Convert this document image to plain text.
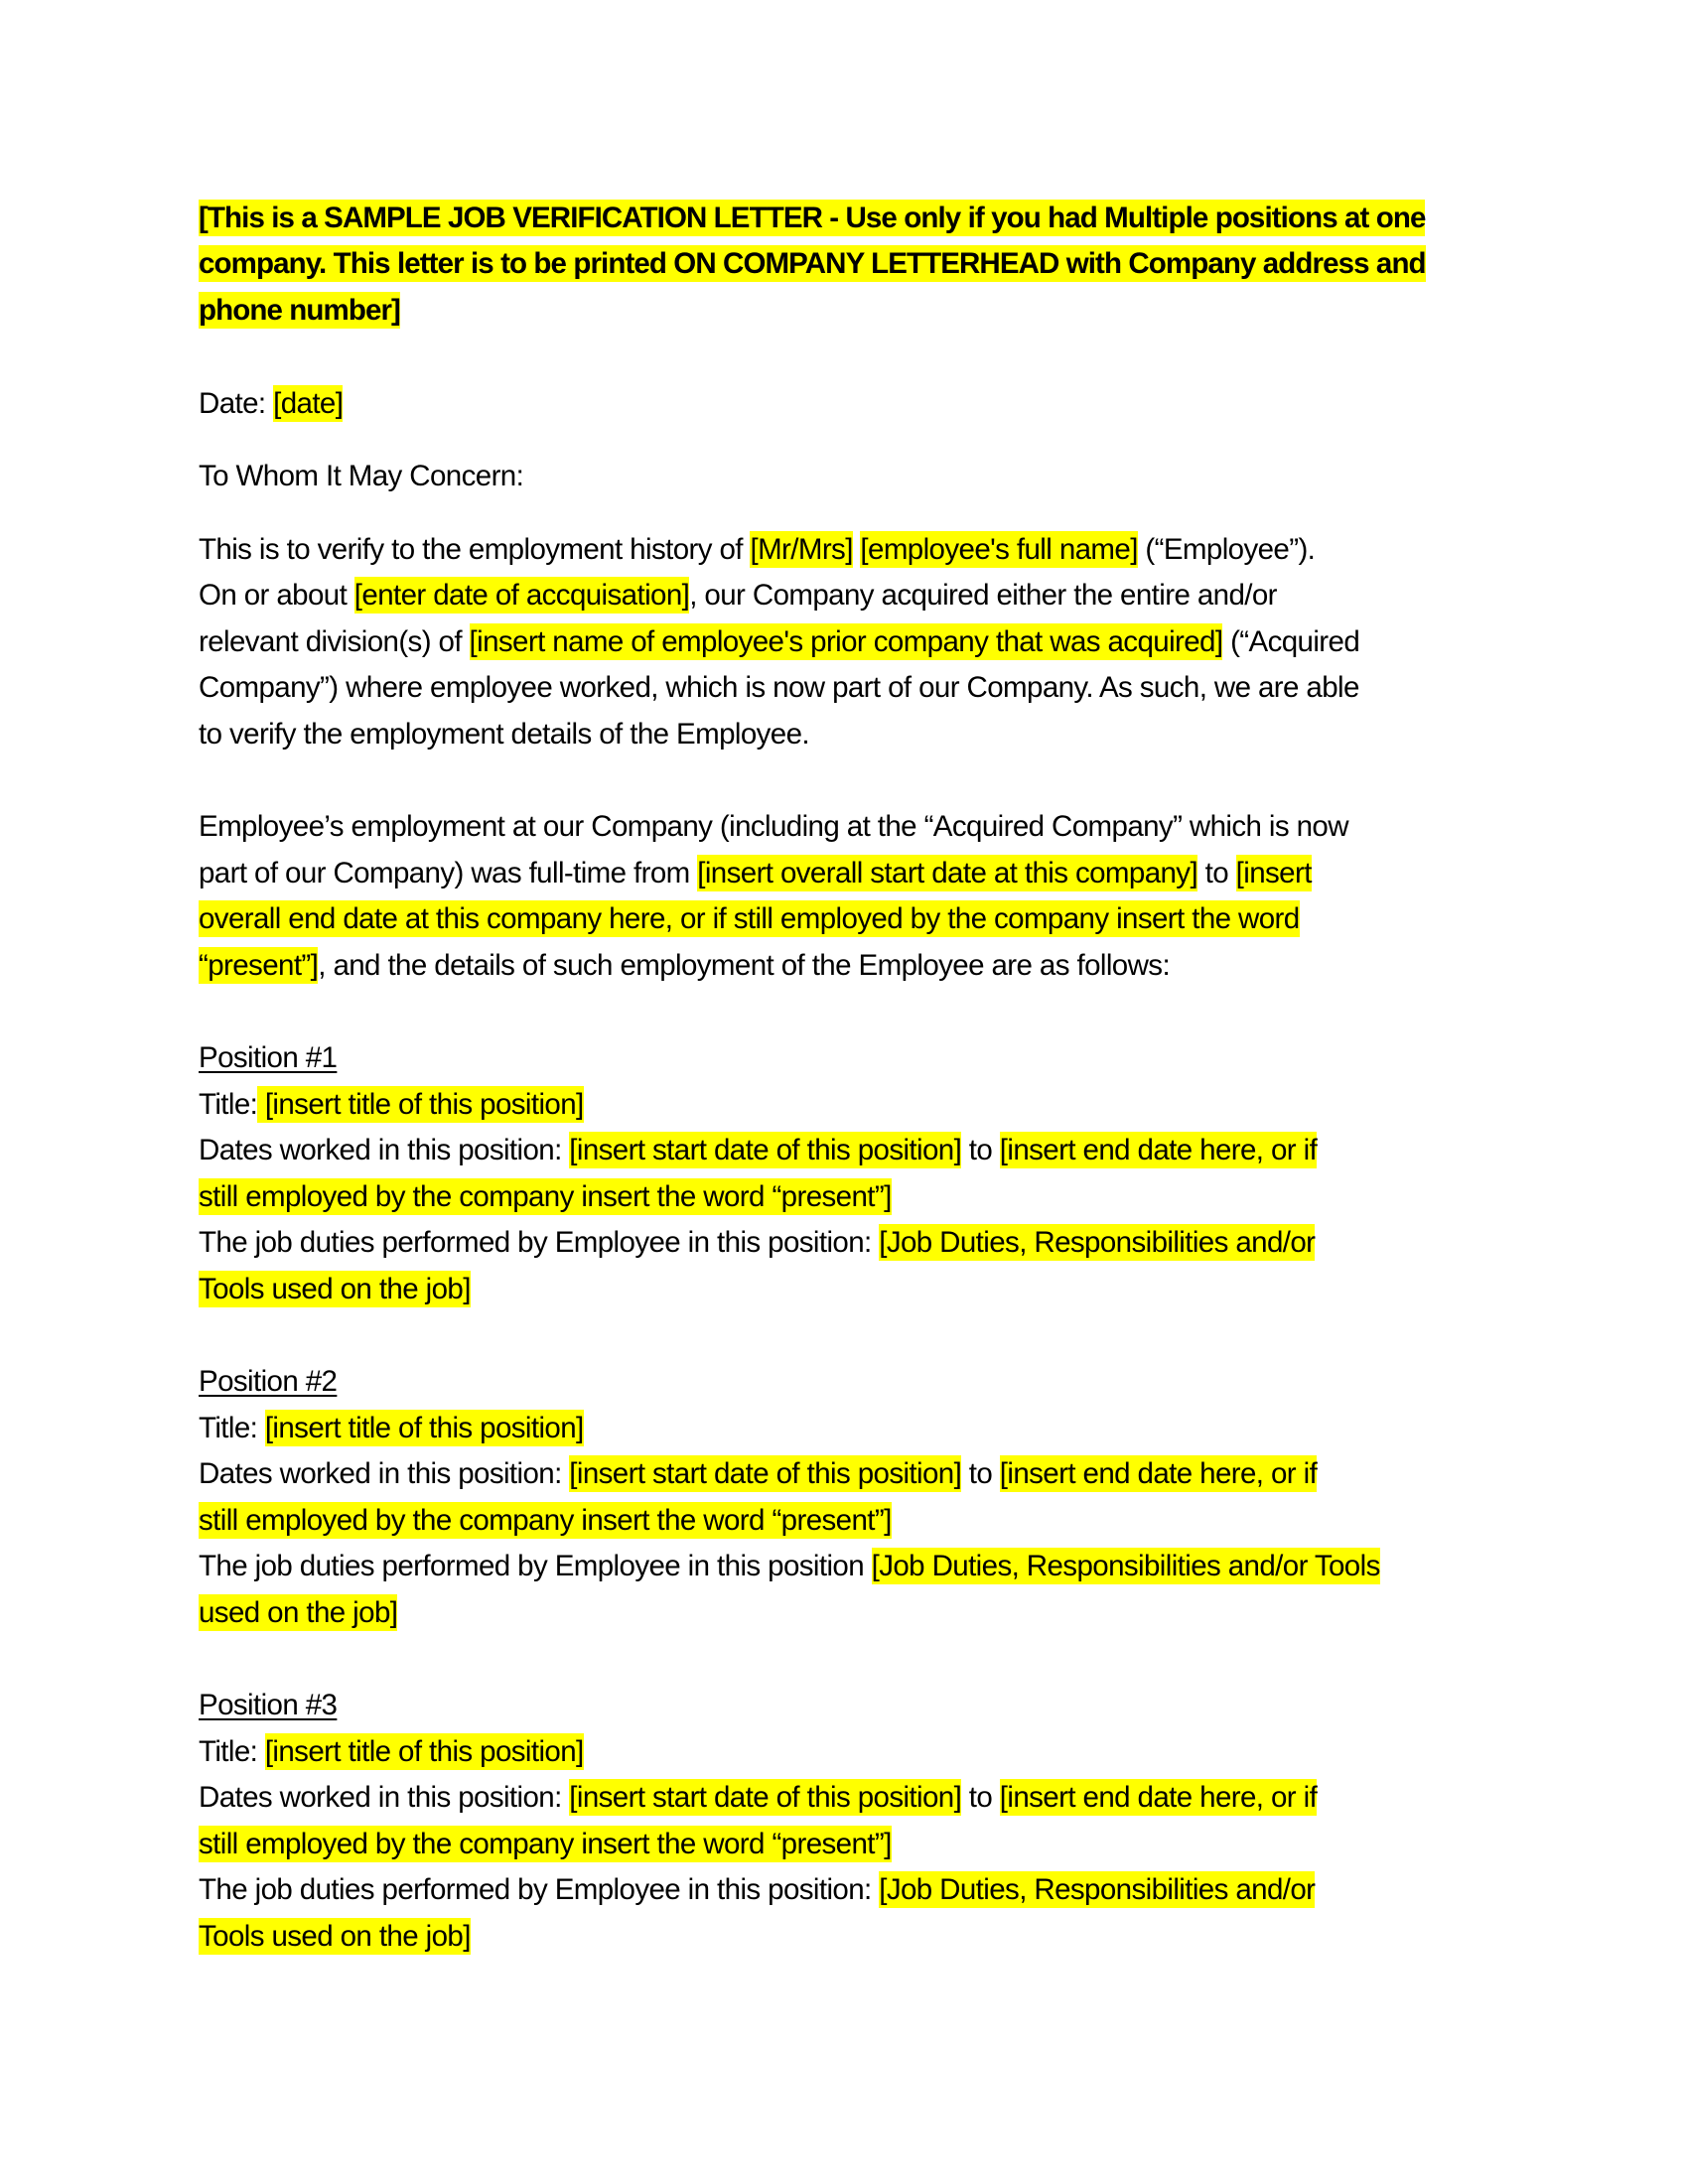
[This is a SAMPLE JOB VERIFICATION LETTER - Use only if you had Multiple positions at one
company. This letter is to be printed ON COMPANY LETTERHEAD with Company address and
phone number]
Date: [date]
To Whom It May Concern:
This is to verify to the employment history of [Mr/Mrs] [employee's full name] (“Employee”).
On or about [enter date of accquisation], our Company acquired either the entire and/or
relevant division(s) of [insert name of employee's prior company that was acquired] (“Acquired
Company”) where employee worked, which is now part of our Company. As such, we are able
to verify the employment details of the Employee.
Employee’s employment at our Company (including at the “Acquired Company” which is now
part of our Company) was full-time from [insert overall start date at this company] to [insert
overall end date at this company here, or if still employed by the company insert the word
“present”], and the details of such employment of the Employee are as follows:
Position #1
Title: [insert title of this position]
Dates worked in this position: [insert start date of this position] to [insert end date here, or if
still employed by the company insert the word “present”]
The job duties performed by Employee in this position: [Job Duties, Responsibilities and/or
Tools used on the job]
Position #2
Title: [insert title of this position]
Dates worked in this position: [insert start date of this position] to [insert end date here, or if
still employed by the company insert the word “present”]
The job duties performed by Employee in this position [Job Duties, Responsibilities and/or Tools
used on the job]
Position #3
Title: [insert title of this position]
Dates worked in this position: [insert start date of this position] to [insert end date here, or if
still employed by the company insert the word “present”]
The job duties performed by Employee in this position: [Job Duties, Responsibilities and/or
Tools used on the job]
